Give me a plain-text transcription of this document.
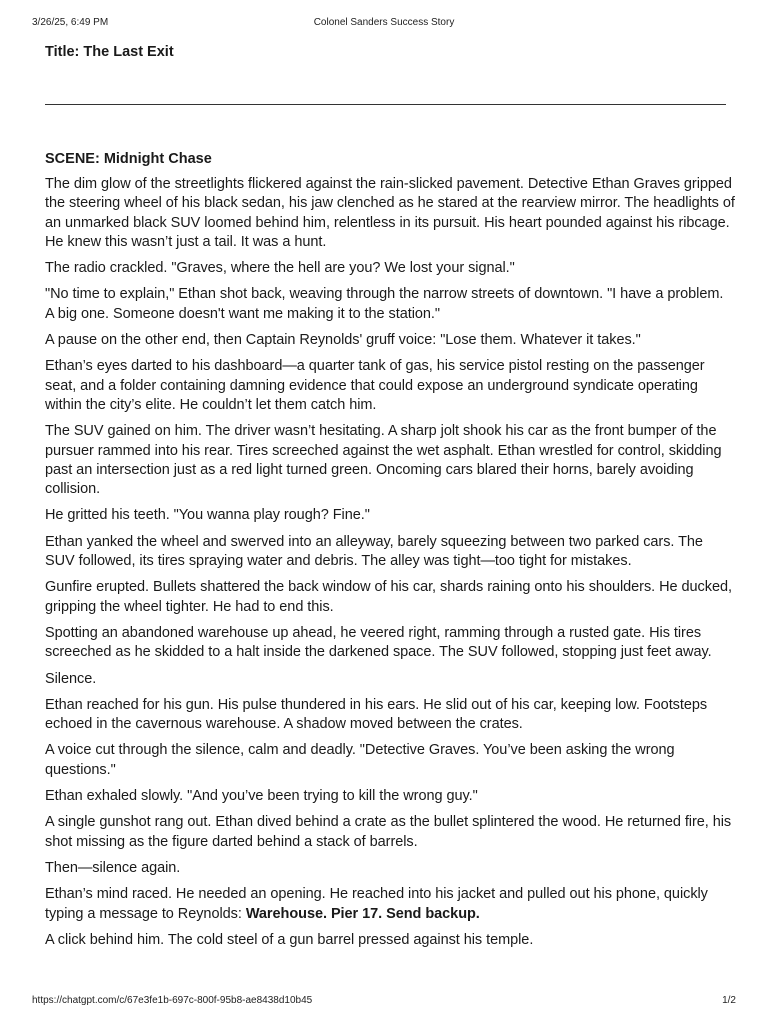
3/26/25, 6:49 PM	Colonel Sanders Success Story
Title: The Last Exit
SCENE: Midnight Chase

The dim glow of the streetlights flickered against the rain-slicked pavement. Detective Ethan Graves gripped the steering wheel of his black sedan, his jaw clenched as he stared at the rearview mirror. The headlights of an unmarked black SUV loomed behind him, relentless in its pursuit. His heart pounded against his ribcage. He knew this wasn’t just a tail. It was a hunt.

The radio crackled. "Graves, where the hell are you? We lost your signal."

"No time to explain," Ethan shot back, weaving through the narrow streets of downtown. "I have a problem. A big one. Someone doesn't want me making it to the station."

A pause on the other end, then Captain Reynolds' gruff voice: "Lose them. Whatever it takes."

Ethan’s eyes darted to his dashboard—a quarter tank of gas, his service pistol resting on the passenger seat, and a folder containing damning evidence that could expose an underground syndicate operating within the city’s elite. He couldn’t let them catch him.

The SUV gained on him. The driver wasn’t hesitating. A sharp jolt shook his car as the front bumper of the pursuer rammed into his rear. Tires screeched against the wet asphalt. Ethan wrestled for control, skidding past an intersection just as a red light turned green. Oncoming cars blared their horns, barely avoiding collision.

He gritted his teeth. "You wanna play rough? Fine."

Ethan yanked the wheel and swerved into an alleyway, barely squeezing between two parked cars. The SUV followed, its tires spraying water and debris. The alley was tight—too tight for mistakes.

Gunfire erupted. Bullets shattered the back window of his car, shards raining onto his shoulders. He ducked, gripping the wheel tighter. He had to end this.

Spotting an abandoned warehouse up ahead, he veered right, ramming through a rusted gate. His tires screeched as he skidded to a halt inside the darkened space. The SUV followed, stopping just feet away.

Silence.

Ethan reached for his gun. His pulse thundered in his ears. He slid out of his car, keeping low. Footsteps echoed in the cavernous warehouse. A shadow moved between the crates.

A voice cut through the silence, calm and deadly. "Detective Graves. You’ve been asking the wrong questions."

Ethan exhaled slowly. "And you’ve been trying to kill the wrong guy."

A single gunshot rang out. Ethan dived behind a crate as the bullet splintered the wood. He returned fire, his shot missing as the figure darted behind a stack of barrels.

Then—silence again.

Ethan’s mind raced. He needed an opening. He reached into his jacket and pulled out his phone, quickly typing a message to Reynolds: Warehouse. Pier 17. Send backup.

A click behind him. The cold steel of a gun barrel pressed against his temple.

https://chatgpt.com/c/67e3fe1b-697c-800f-95b8-ae8438d10b45	1/2
